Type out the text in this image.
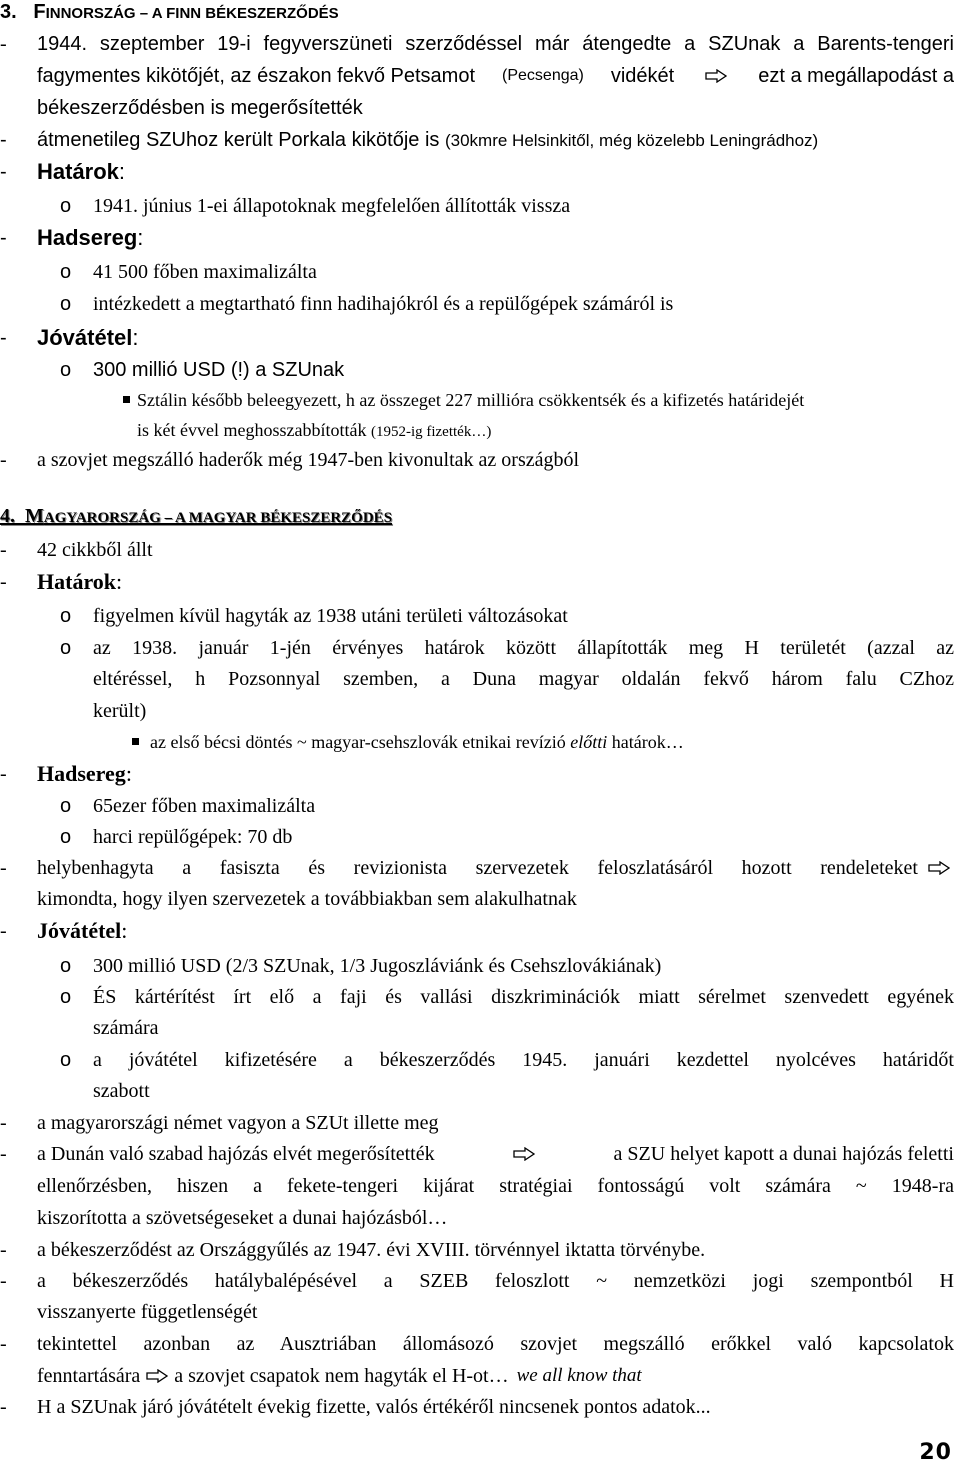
3. FINNORSZÁG – A FINN BÉKESZERZŐDÉS
- 1944. szeptember 19-i fegyverszüneti szerződéssel már átengedte a SZUnak a Barents-tengeri
fagymentes kikötőjét, az északon fekvő Petsamot (Pecsenga) vidékét	ezt a megállapodást a
békeszerződésben is megerősítették
- átmenetileg SZUhoz került Porkala kikötője is (30kmre Helsinkitől, még közelebb Leningrádhoz)
- Határok:
o 1941. június 1-ei állapotoknak megfelelően állították vissza
- Hadsereg:
o 41 500 főben maximalizálta
o intézkedett a megtartható finn hadihajókról és a repülőgépek számáról is
- Jóvátétel:
o 300 millió USD (!) a SZUnak
Sztálin később beleegyezett, h az összeget 227 millióra csökkentsék és a kifizetés határidejét
is két évvel meghosszabbították (1952-ig fizették…)
- a szovjet megszálló haderők még 1947-ben kivonultak az országból
4. MAGYARORSZÁG – A MAGYAR BÉKESZERZŐDÉS
- 42 cikkből állt
- Határok:
o figyelmen kívül hagyták az 1938 utáni területi változásokat
o az 1938. január 1-jén érvényes határok között állapították meg H területét (azzal az
eltéréssel, h Pozsonnyal szemben, a Duna magyar oldalán fekvő három falu CZhoz
került)
az első bécsi döntés ~ magyar-csehszlovák etnikai revízió előtti határok…
- Hadsereg:
o 65ezer főben maximalizálta
o harci repülőgépek: 70 db
- helybenhagyta a fasiszta és revizionista szervezetek feloszlatásáról hozott rendeleteket
kimondta, hogy ilyen szervezetek a továbbiakban sem alakulhatnak
- Jóvátétel:
o 300 millió USD (2/3 SZUnak, 1/3 Jugoszláviánk és Csehszlovákiának)
o ÉS kártérítést írt elő a faji és vallási diszkriminációk miatt sérelmet szenvedett egyének
számára
o a jóvátétel kifizetésére a békeszerződés 1945. januári kezdettel nyolcéves határidőt
szabott
- a magyarországi német vagyon a SZUt illette meg
- a Dunán való szabad hajózás elvét megerősítették	a SZU helyet kapott a dunai hajózás feletti
ellenőrzésben, hiszen a fekete-tengeri kijárat stratégiai fontosságú volt számára ~ 1948-ra
kiszorította a szövetségeseket a dunai hajózásból…
- a békeszerződést az Országgyűlés az 1947. évi XVIII. törvénnyel iktatta törvénybe.
- a békeszerződés hatálybalépésével a SZEB feloszlott ~ nemzetközi jogi szempontból H
visszanyerte függetlenségét
- tekintettel azonban az Ausztriában állomásozó szovjet megszálló erőkkel való kapcsolatok
fenntartására a szovjet csapatok nem hagyták el H-ot… we all know that
- H a SZUnak járó jóvátételt évekig fizette, valós értékéről nincsenek pontos adatok...
20
